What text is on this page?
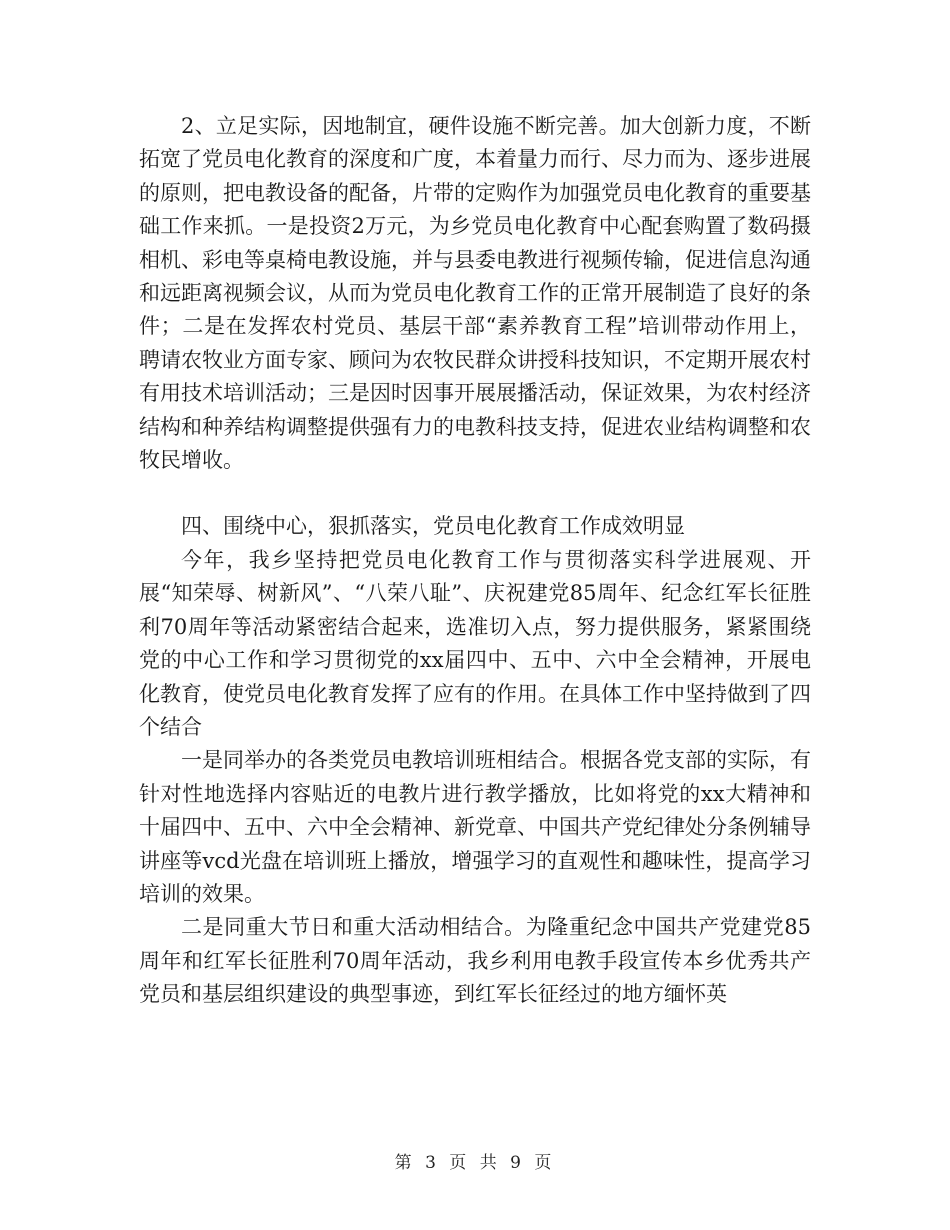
2、立足实际，因地制宜，硬件设施不断完善。加大创新力度，不断拓宽了党员电化教育的深度和广度，本着量力而行、尽力而为、逐步进展的原则，把电教设备的配备，片带的定购作为加强党员电化教育的重要基础工作来抓。一是投资2万元，为乡党员电化教育中心配套购置了数码摄相机、彩电等桌椅电教设施，并与县委电教进行视频传输，促进信息沟通和远距离视频会议，从而为党员电化教育工作的正常开展制造了良好的条件；二是在发挥农村党员、基层干部“素养教育工程”培训带动作用上，聘请农牧业方面专家、顾问为农牧民群众讲授科技知识，不定期开展农村有用技术培训活动；三是因时因事开展展播活动，保证效果，为农村经济结构和种养结构调整提供强有力的电教科技支持，促进农业结构调整和农牧民增收。

四、围绕中心，狠抓落实，党员电化教育工作成效明显

今年，我乡坚持把党员电化教育工作与贯彻落实科学进展观、开展“知荣辱、树新风”、“八荣八耻”、庆祝建党85周年、纪念红军长征胜利70周年等活动紧密结合起来，选准切入点，努力提供服务，紧紧围绕党的中心工作和学习贯彻党的xx届四中、五中、六中全会精神，开展电化教育，使党员电化教育发挥了应有的作用。在具体工作中坚持做到了四个结合

一是同举办的各类党员电教培训班相结合。根据各党支部的实际，有针对性地选择内容贴近的电教片进行教学播放，比如将党的xx大精神和十届四中、五中、六中全会精神、新党章、中国共产党纪律处分条例辅导讲座等vcd光盘在培训班上播放，增强学习的直观性和趣味性，提高学习培训的效果。

二是同重大节日和重大活动相结合。为隆重纪念中国共产党建党85周年和红军长征胜利70周年活动，我乡利用电教手段宣传本乡优秀共产党员和基层组织建设的典型事迹，到红军长征经过的地方缅怀英

第 3 页 共 9 页
